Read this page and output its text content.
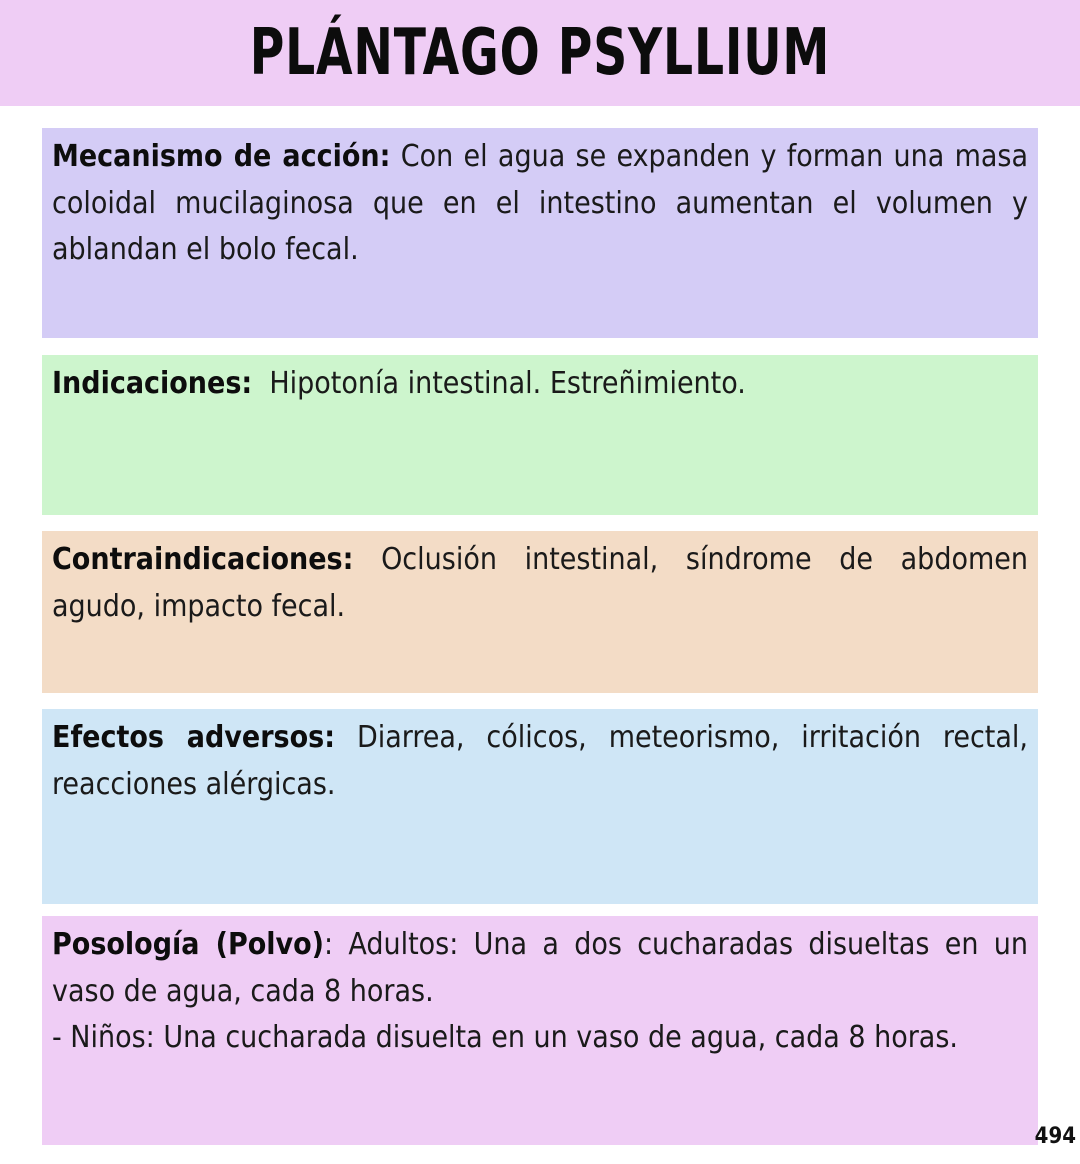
PLÁNTAGO PSYLLIUM

Mecanismo de acción: Con el agua se expanden y forman una masa coloidal mucilaginosa que en el intestino aumentan el volumen y ablandan el bolo fecal.

Indicaciones:  Hipotonía intestinal. Estreñimiento.

Contraindicaciones: Oclusión intestinal, síndrome de abdomen agudo, impacto fecal.

Efectos adversos: Diarrea, cólicos, meteorismo, irritación rectal, reacciones alérgicas.

Posología (Polvo): Adultos: Una a dos cucharadas disueltas en un vaso de agua, cada 8 horas.

- Niños: Una cucharada disuelta en un vaso de agua, cada 8 horas.

494
